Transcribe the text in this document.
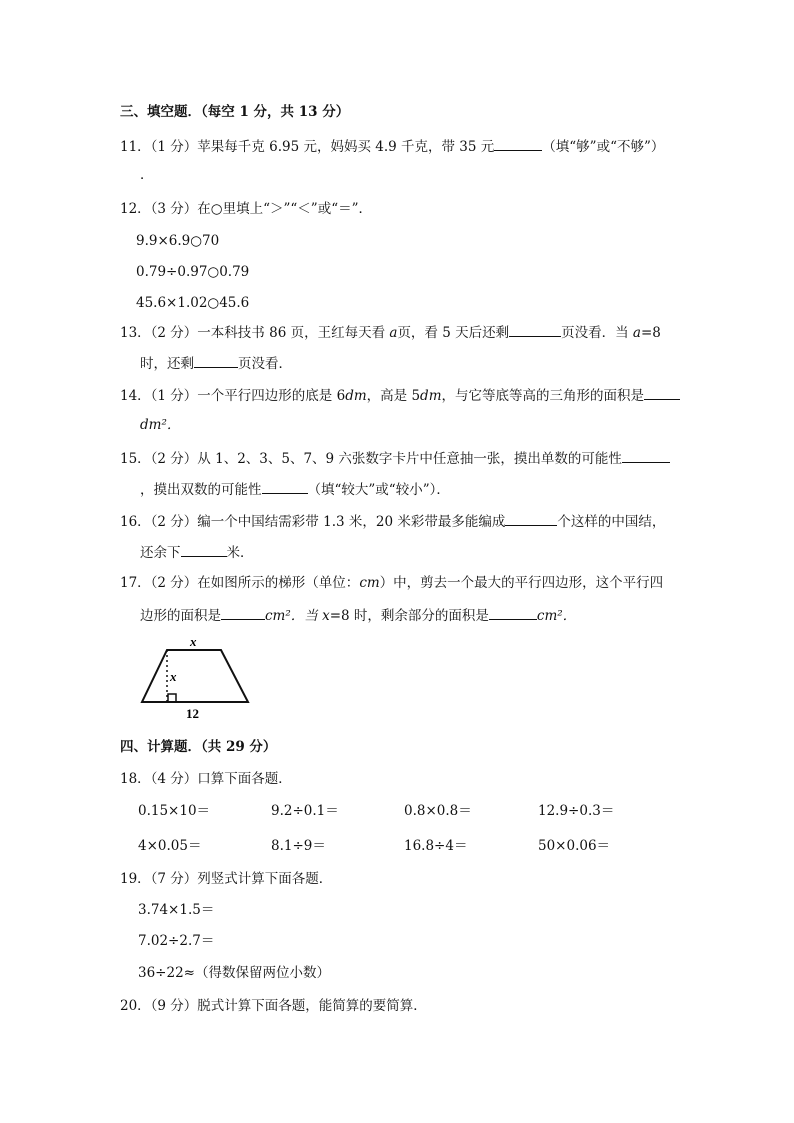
三、填空题．（每空 1 分，共 13 分）
11．（1 分）苹果每千克 6.95 元，妈妈买 4.9 千克，带 35 元	（填“够”或“不够”）
．
12．（3 分）在○里填上“＞”“＜”或“＝”．
9.9×6.9○70
0.79÷0.97○0.79
45.6×1.02○45.6
13．（2 分）一本科技书 86 页，王红每天看 a页，看 5 天后还剩	页没看．当 a=8
时，还剩	页没看．
14．（1 分）一个平行四边形的底是 6dm，高是 5dm，与它等底等高的三角形的面积是
dm²．
15．（2 分）从 1、2、3、5、7、9 六张数字卡片中任意抽一张，摸出单数的可能性
，摸出双数的可能性	（填“较大”或“较小”）．
16．（2 分）编一个中国结需彩带 1.3 米，20 米彩带最多能编成	个这样的中国结，
还余下	米．
17．（2 分）在如图所示的梯形（单位：cm）中，剪去一个最大的平行四边形，这个平行四
边形的面积是	cm²．当 x=8 时，剩余部分的面积是	cm²．
x
x
12
四、计算题．（共 29 分）
18．（4 分）口算下面各题．
0.15×10＝	9.2÷0.1＝	0.8×0.8＝	12.9÷0.3＝
4×0.05＝	8.1÷9＝	16.8÷4＝	50×0.06＝
19．（7 分）列竖式计算下面各题．
3.74×1.5＝
7.02÷2.7＝
36÷22≈（得数保留两位小数）
20．（9 分）脱式计算下面各题，能简算的要简算．
